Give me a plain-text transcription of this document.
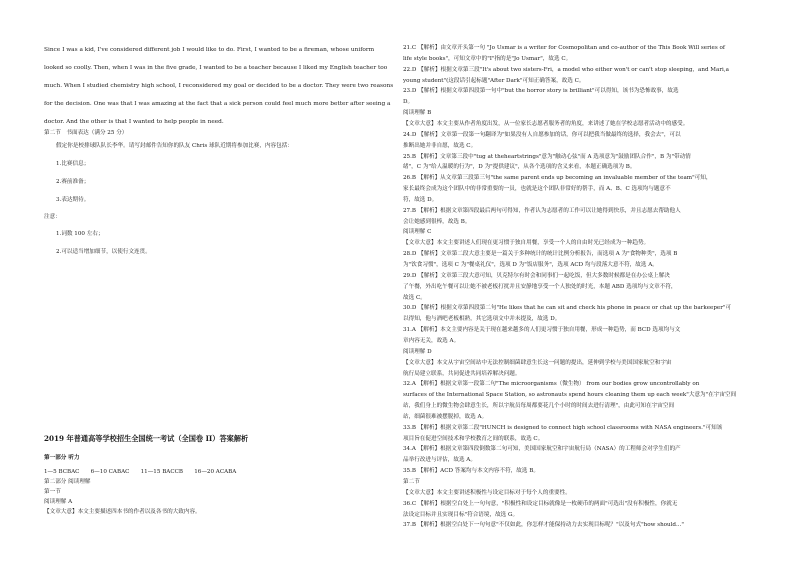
Since I was a kid, I've considered different job I would like to do. First, I wanted to be a fireman, whose uniform
looked so coolly. Then, when I was in the five grade, I wanted to be a teacher because I liked my English teacher too
much. When I studied chemistry high school, I reconsidered my goal or decided to be a doctor. They were two reasons
for the decision. One was that I was amazing at the fact that a sick person could feel much more better after seeing a
doctor. And the other is that I wanted to help people in need.
第二节　书面表达（满分 25 分）
假定你是校排球队队长李华。请写封邮件告知你的队友 Chris 球队近期将参加比赛，内容包括：
1.比赛信息；
2.赛前准备；
3.表达期待。
注意：
1.词数 100 左右；
2.可以适当增加细节，以使行文连贯。
2019 年普通高等学校招生全国统一考试（全国卷 II）答案解析
第一部分 听力
1—5 BCBAC　　6—10 CABAC　　11—15 BACCB　　16—20 ACABA
第二部分 阅读理解
第一节
阅读理解 A
【文章大意】本文主要描述四本书的作者以及各书的大致内容。
21.C 【解析】由文章开头第一句 "Jo Usmar is a writer for Cosmopolitan and co-author of the This Book Will series of
life style books"，可知文章中的"I"指的是"Jo Usmar"，故选 C。
22.D 【解析】根据文章第三段"It's about two sisters-Fri，a model who either won't or can't stop sleeping，and Mari,a
young student"(这段话引起标题"After Dark"可知正确答案，故选 C。
23.D 【解析】根据文章第四段第一句中"but the horror story is brilliant"可以得知，该书为恐怖故事，故选
D。
阅读理解 B
【文章大意】本文主要从作者角度出发，从一位家长志愿者服务者的角度，来讲述了她在学校志愿者活动中的感受。
24.D 【解析】文章第一段第一句翻译为"如果没有人自愿参加的话，你可以把我当做最终的选择，我会去"，可以
推断出她并非自愿，故选 C。
25.B 【解析】文章第三段中"tug at theheartstrings"意为"触动心弦"而 A 选项意为"鼓励团队合作"，B 为"带动情
绪"，C 为"给人温暖的行为"，D 为"提供建议"，从各个选项的含义来看，本题正确选项为 B。
26.B 【解析】从文章第三段第三句"the same parent ends up becoming an invaluable member of the team"可知，
家长最终会成为这个团队中的非常重要的一员，也就是这个团队非常好的帮手，而 A、B、C 选项均与题意不
符，故选 D。
27.B 【解析】根据文章第四段最后两句可得知，作者认为志愿者的工作可以让她得到快乐，并且志愿去帮助他人
会让她感到很棒，故选 B。
阅读理解 C
【文章大意】本文主要讲述人们现在更习惯于独自用餐，享受一个人的自由时光已经成为一种趋势。
28.D 【解析】文章第二段大意主要是一篇关于多种统计的统计比例分析报告，而选项 A 为"食物种类"，选项 B
为"饮食习惯"，选项 C 为"餐桌礼仪"，选项 D 为"饭店服务"，选项 ACD 均与段落大意不符，故选 A。
29.D 【解析】文章第三段大意可知，贝克特尔有时会和同事们一起吃饭，但大多数时候都是在办公桌上解决
了午餐，外出吃午餐可以让她不被老板打扰并且安静地享受一个人独处的时光，本题 ABD 选项均与文章不符，
故选 C。
30.D 【解析】根据文章第四段第二句"He likes that he can sit and check his phone in peace or chat up the barkeeper"可
以得知，他与酒吧老板相熟，其它选项文中并未提及，故选 D。
31.A 【解析】本文主要内容是关于现在越来越多的人们更习惯于独自用餐，形成一种趋势，而 BCD 选项均与文
章内容无关，故选 A。
阅读理解 D
【文章大意】本文从宇宙空间站中无法控制细菌肆意生长这一问题的提出，延伸到学校与美国国家航空和宇宙
航行局建立联系，共同促进共同培养解决问题。
32.A 【解析】根据文章第一段第二句"The microorganisms（微生物） from our bodies grow uncontrollably on
surfaces of the International Space Station, so astronauts spend hours cleaning them up each week"大意为"在宇宙空间
站，我们身上的微生物会肆意生长，所以宇航员每周都要花几个小时的时间去进行清理"，由此可知在宇宙空间
站，细菌很难被摆脱掉，故选 A。
33.B 【解析】根据文章第二段"HUNCH is designed to connect high school classrooms with NASA engineers."可知该
项目旨在促进空间技术和学校教育之间的联系，故选 C。
34.A 【解析】根据文章第四段倒数第二句可知，美国国家航空和宇宙航行局（NASA）的工程师会对学生们的产
品举行改进与评估，故选 A。
35.B 【解析】ACD 答案均与本文内容不符，故选 B。
第二节
【文章大意】本文主要讲述积极性与设定目标对于每个人的重要性。
36.C 【解析】根据空白处上一句句意，"积极性和设定目标就像是一枚硬币的两面"可选出"没有积极性，你就无
法设定目标并且实现目标"符合语境，故选 G。
37.B 【解析】根据空白处下一句句意"不仅如此，你怎样才能保持动力去实现目标呢？"以及句式"how should..."
